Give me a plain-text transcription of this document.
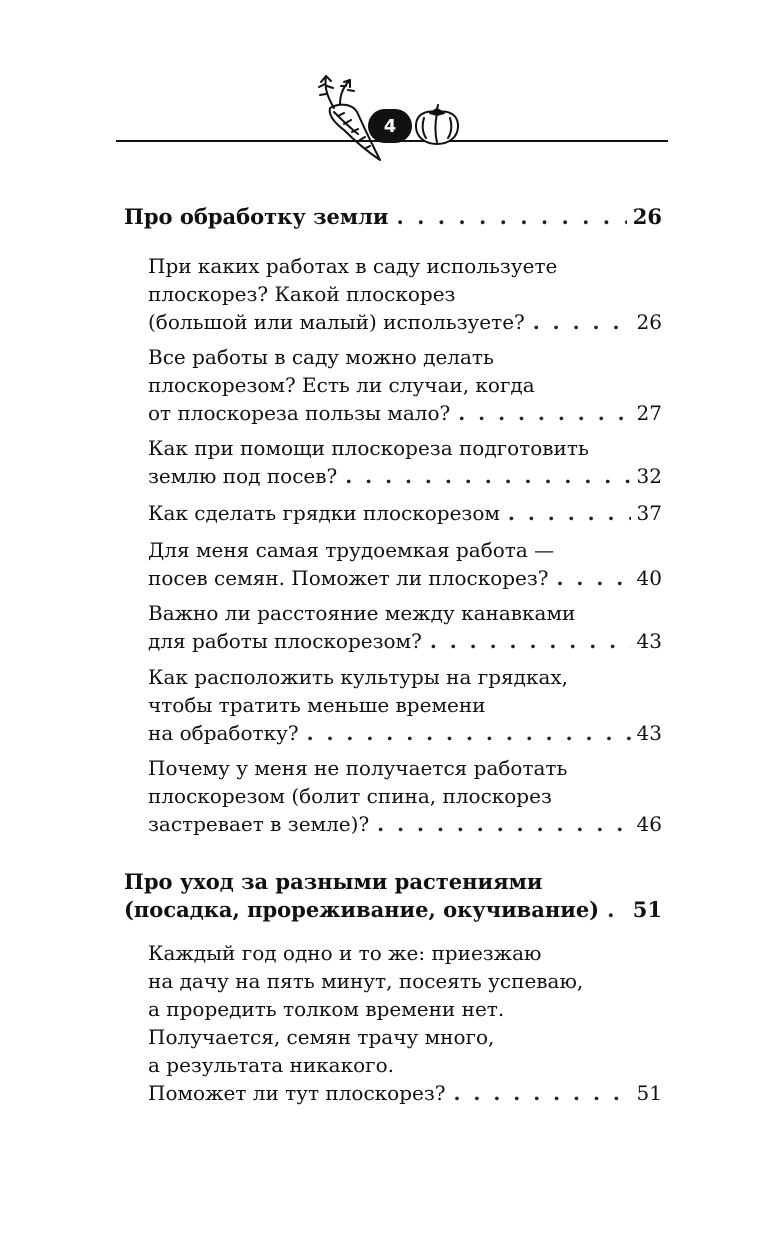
4
Про обработку земли . . .	26
При каких работах в саду используете
плоскорез? Какой плоскорез
(большой или малый) используете? . . .	26
Все работы в саду можно делать
плоскорезом? Есть ли случаи, когда
от плоскореза пользы мало? . . .	27
Как при помощи плоскореза подготовить
землю под посев? . . .	32
Как сделать грядки плоскорезом . . .	37
Для меня самая трудоемкая работа —
посев семян. Поможет ли плоскорез? . . .	40
Важно ли расстояние между канавками
для работы плоскорезом? . . .	43
Как расположить культуры на грядках,
чтобы тратить меньше времени
на обработку? . . .	43
Почему у меня не получается работать
плоскорезом (болит спина, плоскорез
застревает в земле)? . . .	46
Про уход за разными растениями
(посадка, прореживание, окучивание) . . . 51
Каждый год одно и то же: приезжаю
на дачу на пять минут, посеять успеваю,
а проредить толком времени нет.
Получается, семян трачу много,
а результата никакого.
Поможет ли тут плоскорез? . . .	51
